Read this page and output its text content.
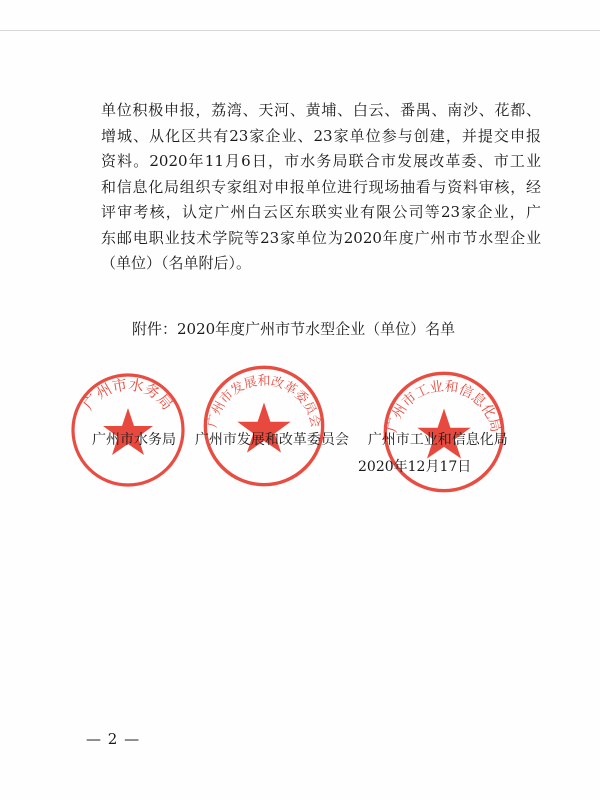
单位积极申报，荔湾、天河、黄埔、白云、番禺、南沙、花都、
增城、从化区共有23家企业、23家单位参与创建，并提交申报
资料。2020年11月6日，市水务局联合市发展改革委、市工业
和信息化局组织专家组对申报单位进行现场抽看与资料审核，经
评审考核，认定广州白云区东联实业有限公司等23家企业，广
东邮电职业技术学院等23家单位为2020年度广州市节水型企业
（单位）（名单附后）。
附件：2020年度广州市节水型企业（单位）名单
广州市水务局
广州市发展和改革委员会	广州市工业和信息化局
广州市水务局 广州市发展和改革委员会 广州市工业和信息化局
2020年12月17日
— 2 —
